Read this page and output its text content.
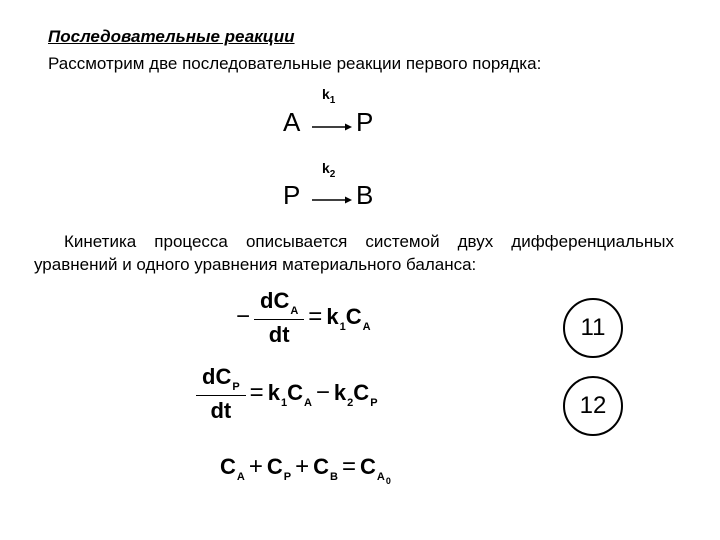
Последовательные реакции
Рассмотрим две последовательные реакции первого порядка:
$k_1$
A P
$k_2$
P B
Кинетика процесса описывается системой двух дифференциальных уравнений и одного уравнения материального баланса:
− $\frac{dC_A}{dt} = k_1C_A$	11
$\frac{dC_P}{dt} = k_1C_A - k_2C_P$	12
$C_A + C_P + C_B = C_{A0}$
